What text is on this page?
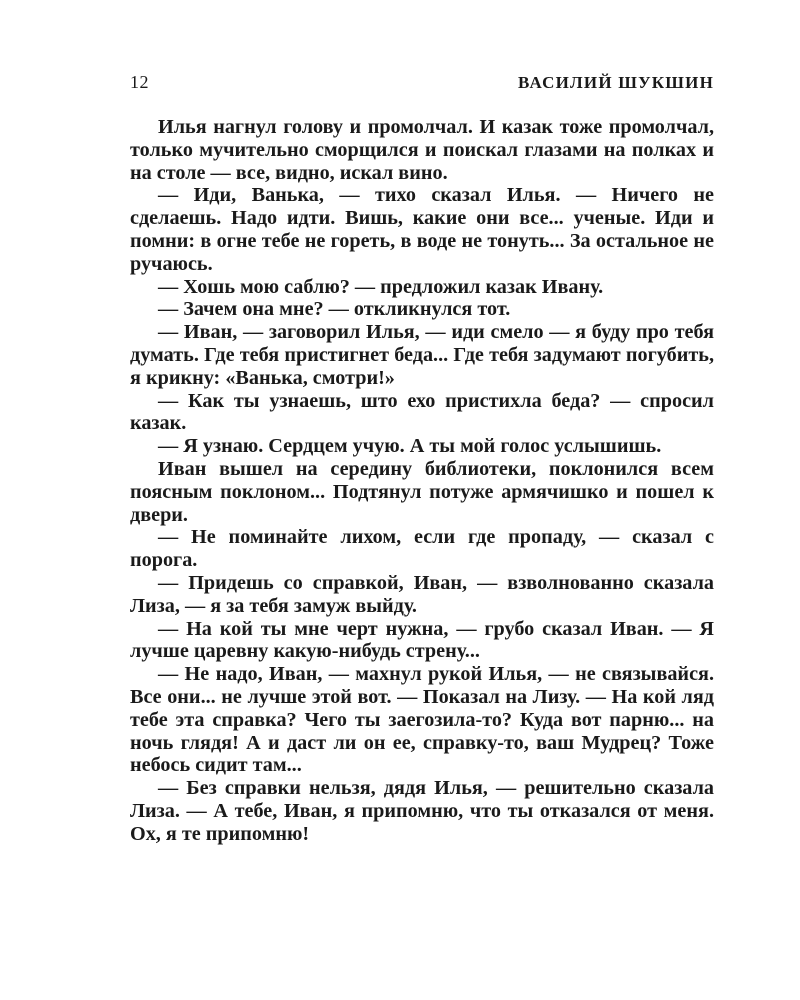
12	ВАСИЛИЙ ШУКШИН

Илья нагнул голову и промолчал. И казак тоже промолчал, только мучительно сморщился и поискал глазами на полках и на столе — все, видно, искал вино.

— Иди, Ванька, — тихо сказал Илья. — Ничего не сделаешь. Надо идти. Вишь, какие они все... ученые. Иди и помни: в огне тебе не гореть, в воде не тонуть... За остальное не ручаюсь.

— Хошь мою саблю? — предложил казак Ивану.

— Зачем она мне? — откликнулся тот.

— Иван, — заговорил Илья, — иди смело — я буду про тебя думать. Где тебя пристигнет беда... Где тебя задумают погубить, я крикну: «Ванька, смотри!»

— Как ты узнаешь, што ехо пристихла беда? — спросил казак.

— Я узнаю. Сердцем учую. А ты мой голос услышишь.

Иван вышел на середину библиотеки, поклонился всем поясным поклоном... Подтянул потуже армячишко и пошел к двери.

— Не поминайте лихом, если где пропаду, — сказал с порога.

— Придешь со справкой, Иван, — взволнованно сказала Лиза, — я за тебя замуж выйду.

— На кой ты мне черт нужна, — грубо сказал Иван. — Я лучше царевну какую-нибудь стрену...

— Не надо, Иван, — махнул рукой Илья, — не связывайся. Все они... не лучше этой вот. — Показал на Лизу. — На кой ляд тебе эта справка? Чего ты заегозила-то? Куда вот парню... на ночь глядя! А и даст ли он ее, справку-то, ваш Мудрец? Тоже небось сидит там...

— Без справки нельзя, дядя Илья, — решительно сказала Лиза. — А тебе, Иван, я припомню, что ты отказался от меня. Ох, я те припомню!
